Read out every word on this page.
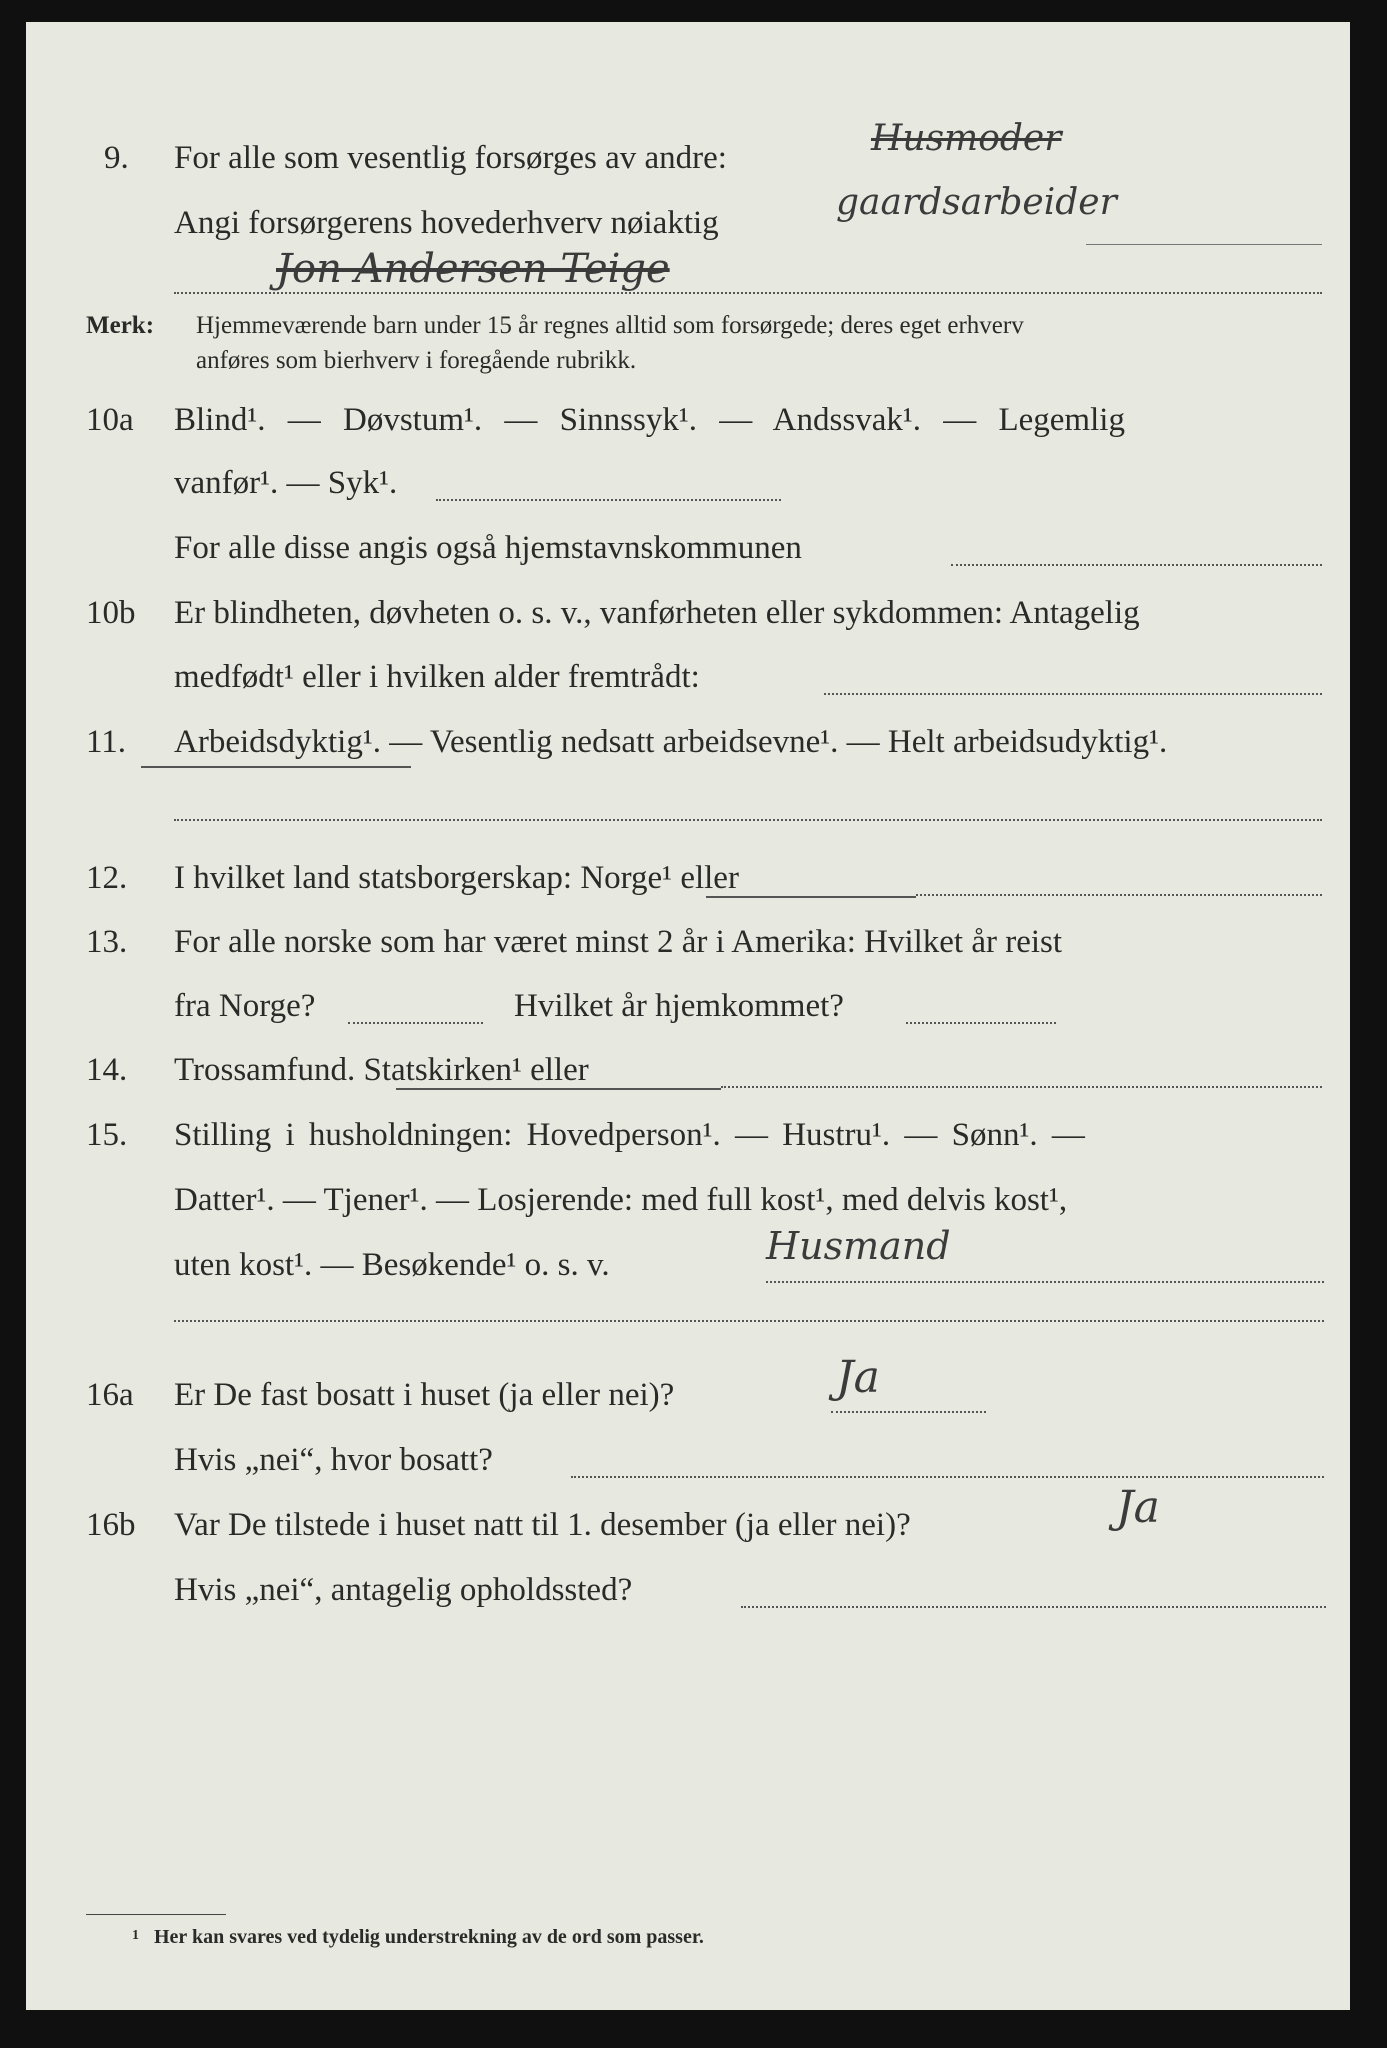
9. For alle som vesentlig forsørges av andre:	Husmoder
Angi forsørgerens hovederhverv nøiaktig	gaardsarbeider
Jon Andersen Teige
Merk: Hjemmeværende barn under 15 år regnes alltid som forsørgede; deres eget erhverv
anføres som bierhverv i foregående rubrikk.
10a Blind¹. — Døvstum¹. — Sinnssyk¹. — Andssvak¹. — Legemlig
vanfør¹. — Syk¹.
For alle disse angis også hjemstavnskommunen
10b Er blindheten, døvheten o. s. v., vanførheten eller sykdommen: Antagelig
medfødt¹ eller i hvilken alder fremtrådt:
11. Arbeidsdyktig¹. — Vesentlig nedsatt arbeidsevne¹. — Helt arbeidsudyktig¹.
12. I hvilket land statsborgerskap: Norge¹ eller
13. For alle norske som har været minst 2 år i Amerika: Hvilket år reist
fra Norge?	Hvilket år hjemkommet?
14. Trossamfund. Statskirken¹ eller
15. Stilling i husholdningen: Hovedperson¹. — Hustru¹. — Sønn¹. —
Datter¹. — Tjener¹. — Losjerende: med full kost¹, med delvis kost¹,
uten kost¹. — Besøkende¹ o. s. v.	Husmand
16a Er De fast bosatt i huset (ja eller nei)?	Ja
Hvis „nei“, hvor bosatt?
16b Var De tilstede i huset natt til 1. desember (ja eller nei)?	Ja
Hvis „nei“, antagelig opholdssted?
1 Her kan svares ved tydelig understrekning av de ord som passer.
